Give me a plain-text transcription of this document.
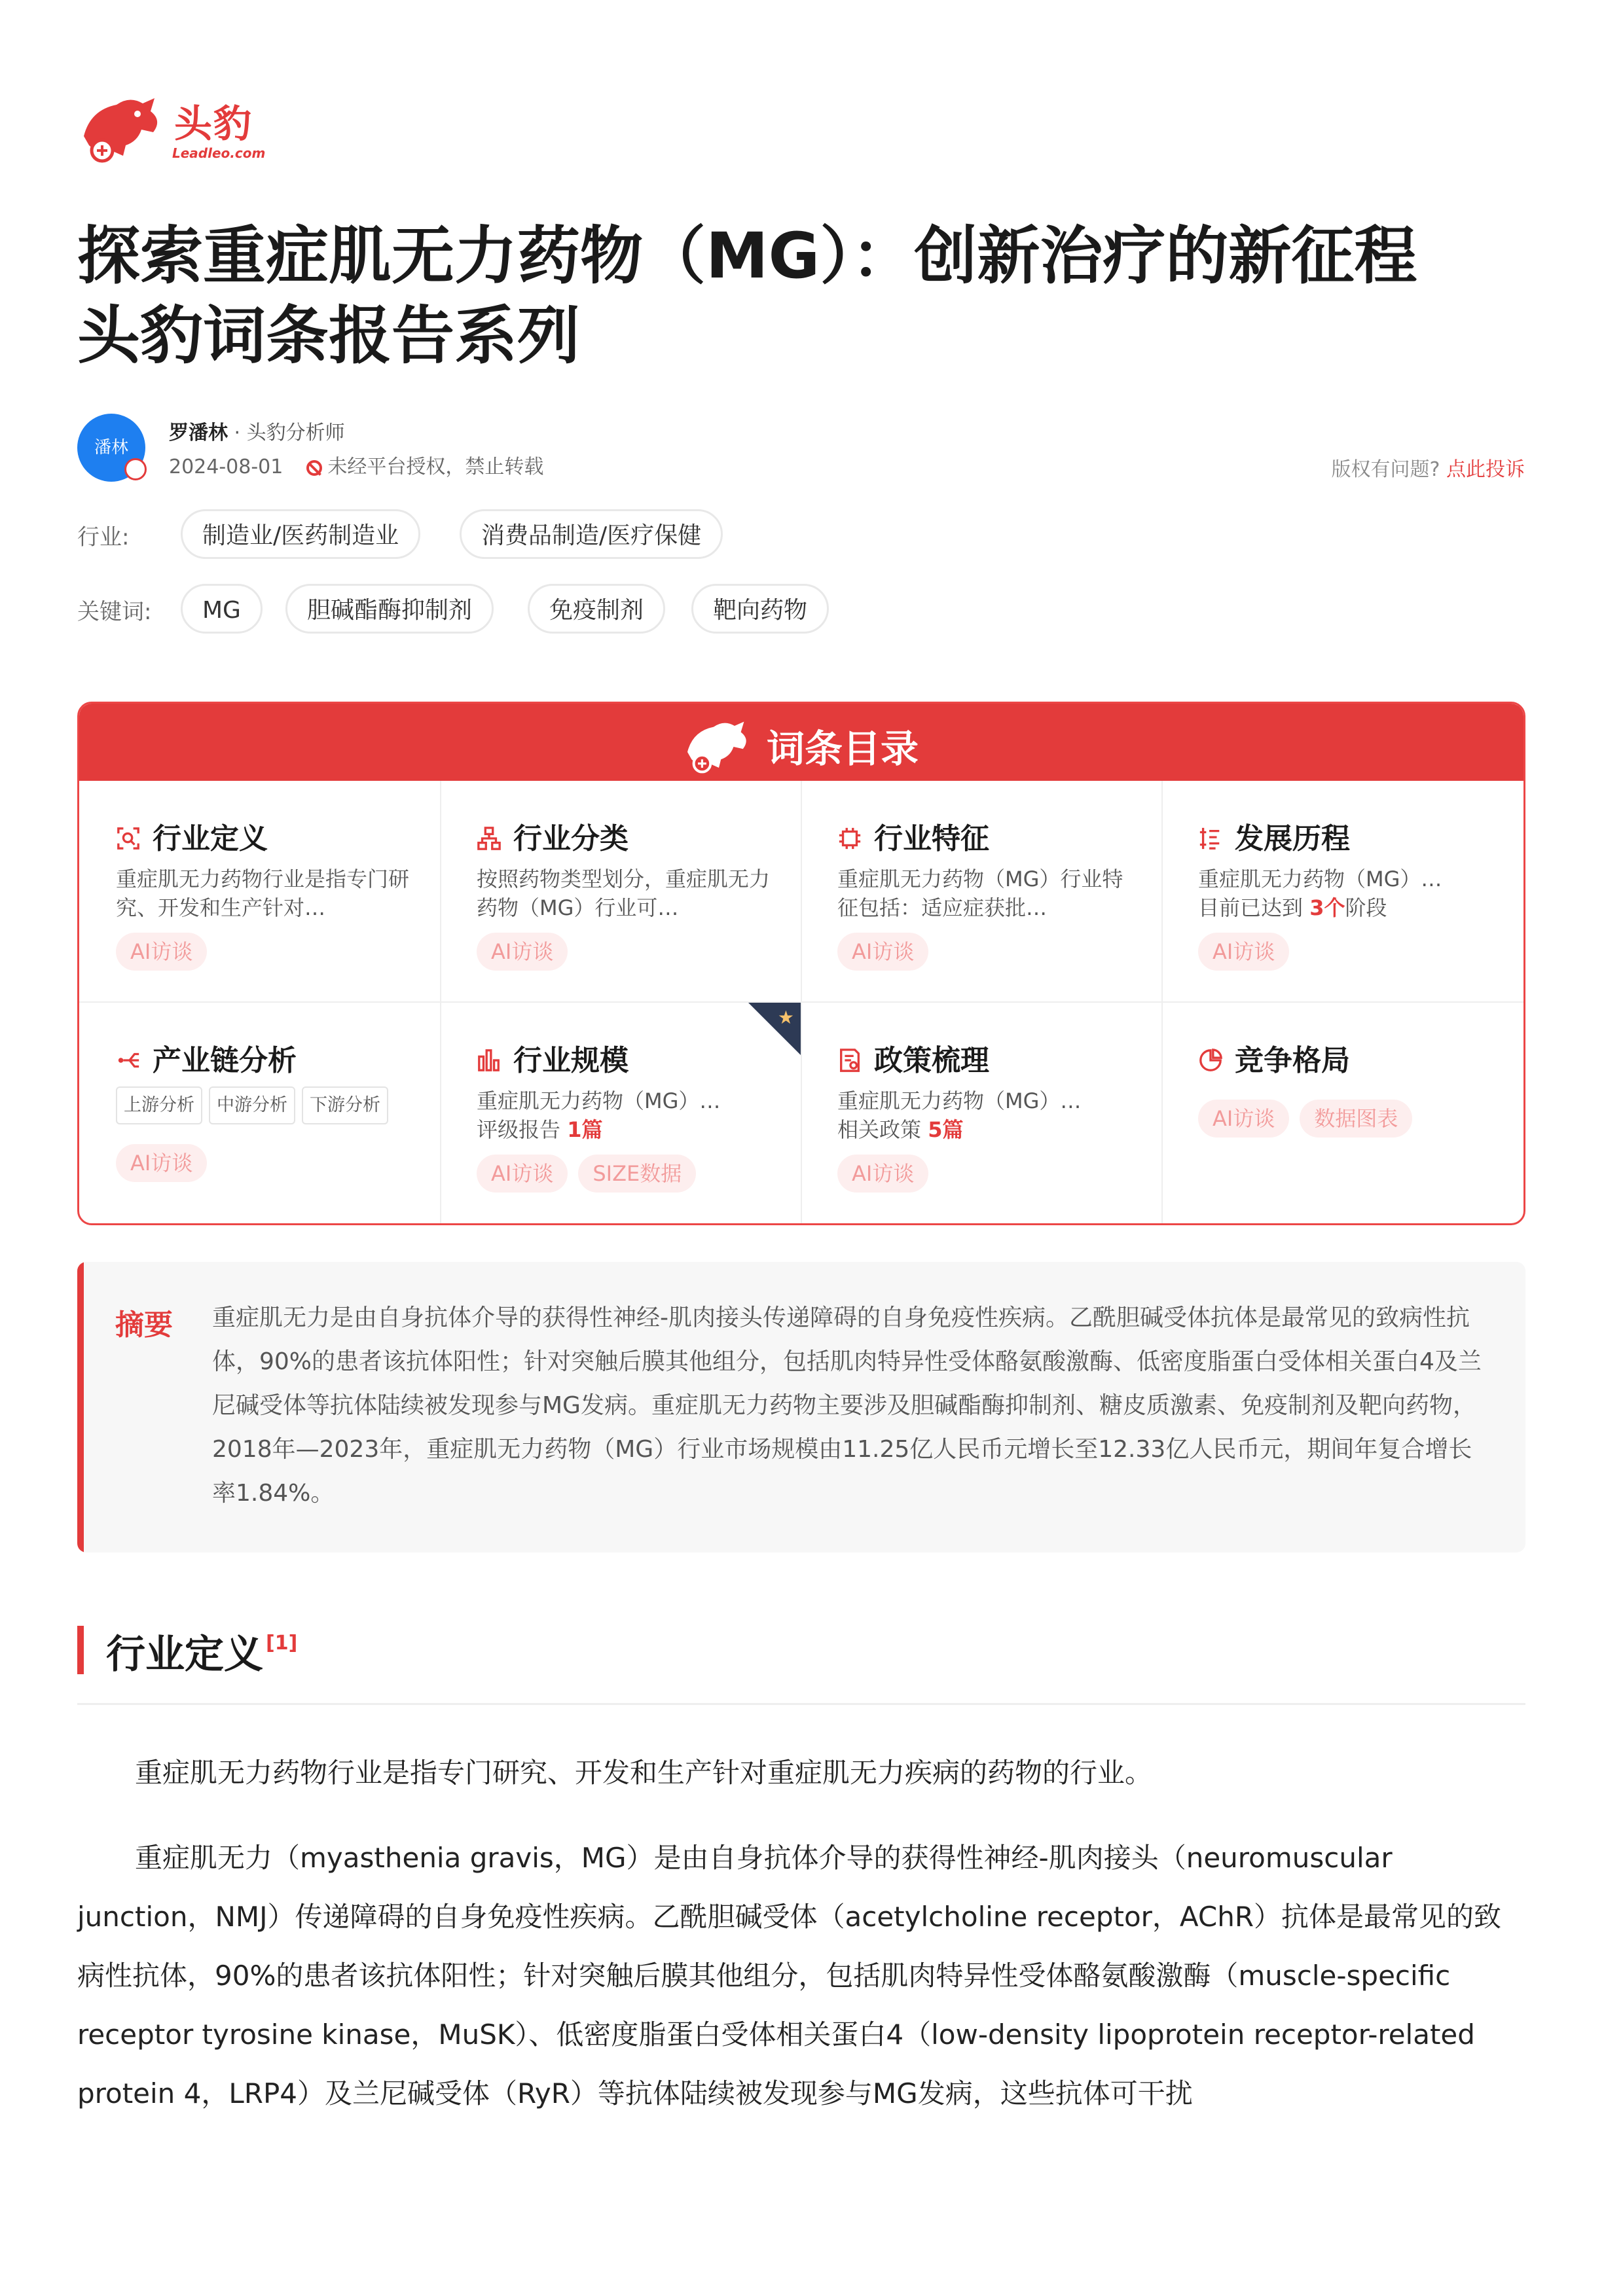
头豹
Leadleo.com
探索重症肌无力药物（MG）：创新治疗的新征程
头豹词条报告系列
潘林
罗潘林 · 头豹分析师
2024-08-01 未经平台授权，禁止转载	版权有问题? 点此投诉
行业:	制造业/医药制造业	消费品制造/医疗保健
关键词:	MG	胆碱酯酶抑制剂	免疫制剂	靶向药物
词条目录
行业定义
重症肌无力药物行业是指专门研究、开发和生产针对…
AI访谈
行业分类
按照药物类型划分，重症肌无力药物（MG）行业可…
AI访谈
行业特征
重症肌无力药物（MG）行业特征包括：适应症获批…
AI访谈
发展历程
重症肌无力药物（MG）…
目前已达到 3个阶段
AI访谈
产业链分析
上游分析 中游分析 下游分析
AI访谈
★
行业规模
重症肌无力药物（MG）…
评级报告 1篇
AI访谈 SIZE数据
政策梳理
重症肌无力药物（MG）…
相关政策 5篇
AI访谈
竞争格局
AI访谈 数据图表
摘要 重症肌无力是由自身抗体介导的获得性神经-肌肉接头传递障碍的自身免疫性疾病。乙酰胆碱受体抗体是最常见的致病性抗体，90%的患者该抗体阳性；针对突触后膜其他组分，包括肌肉特异性受体酪氨酸激酶、低密度脂蛋白受体相关蛋白4及兰尼碱受体等抗体陆续被发现参与MG发病。重症肌无力药物主要涉及胆碱酯酶抑制剂、糖皮质激素、免疫制剂及靶向药物，2018年—2023年，重症肌无力药物（MG）行业市场规模由11.25亿人民币元增长至12.33亿人民币元，期间年复合增长率1.84%。
行业定义 [1]
重症肌无力药物行业是指专门研究、开发和生产针对重症肌无力疾病的药物的行业。
重症肌无力（myasthenia gravis，MG）是由自身抗体介导的获得性神经-肌肉接头（neuromuscular junction，NMJ）传递障碍的自身免疫性疾病。乙酰胆碱受体（acetylcholine receptor，AChR）抗体是最常见的致病性抗体，90%的患者该抗体阳性；针对突触后膜其他组分，包括肌肉特异性受体酪氨酸激酶（muscle-specific receptor tyrosine kinase，MuSK）、低密度脂蛋白受体相关蛋白4（low-density lipoprotein receptor-related protein 4，LRP4）及兰尼碱受体（RyR）等抗体陆续被发现参与MG发病，这些抗体可干扰
